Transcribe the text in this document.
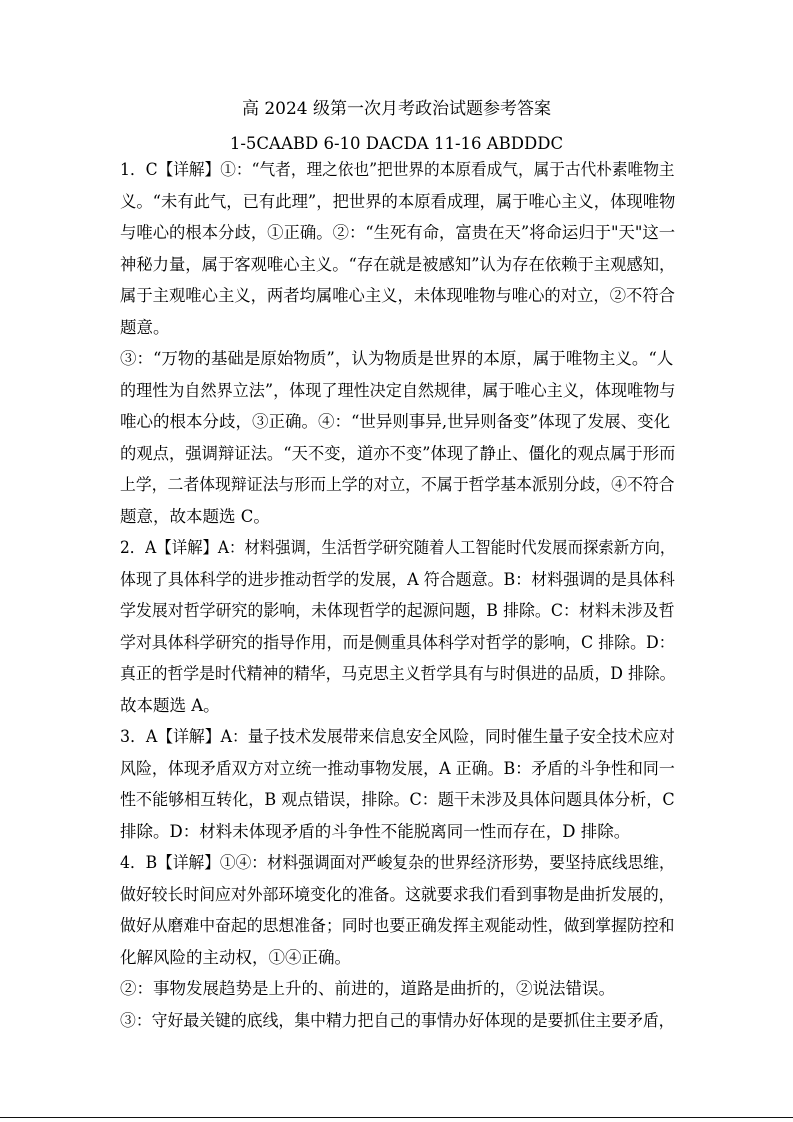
高 2024 级第一次月考政治试题参考答案
1-5CAABD 6-10 DACDA 11-16 ABDDDC
1．C【详解】①：“气者，理之依也”把世界的本原看成气，属于古代朴素唯物主
义。“未有此气，已有此理”，把世界的本原看成理，属于唯心主义，体现唯物
与唯心的根本分歧，①正确。②：“生死有命，富贵在天”将命运归于"天"这一
神秘力量，属于客观唯心主义。“存在就是被感知”认为存在依赖于主观感知，
属于主观唯心主义，两者均属唯心主义，未体现唯物与唯心的对立，②不符合
题意。
③：“万物的基础是原始物质”，认为物质是世界的本原，属于唯物主义。“人
的理性为自然界立法”，体现了理性决定自然规律，属于唯心主义，体现唯物与
唯心的根本分歧，③正确。④：“世异则事异,世异则备变”体现了发展、变化
的观点，强调辩证法。“天不变，道亦不变”体现了静止、僵化的观点属于形而
上学，二者体现辩证法与形而上学的对立，不属于哲学基本派别分歧，④不符合
题意，故本题选 C。
2．A【详解】A：材料强调，生活哲学研究随着人工智能时代发展而探索新方向，
体现了具体科学的进步推动哲学的发展，A 符合题意。B：材料强调的是具体科
学发展对哲学研究的影响，未体现哲学的起源问题，B 排除。C：材料未涉及哲
学对具体科学研究的指导作用，而是侧重具体科学对哲学的影响，C 排除。D：
真正的哲学是时代精神的精华，马克思主义哲学具有与时俱进的品质，D 排除。
故本题选 A。
3．A【详解】A：量子技术发展带来信息安全风险，同时催生量子安全技术应对
风险，体现矛盾双方对立统一推动事物发展，A 正确。B：矛盾的斗争性和同一
性不能够相互转化，B 观点错误，排除。C：题干未涉及具体问题具体分析，C
排除。D：材料未体现矛盾的斗争性不能脱离同一性而存在，D 排除。
4．B【详解】①④：材料强调面对严峻复杂的世界经济形势，要坚持底线思维，
做好较长时间应对外部环境变化的准备。这就要求我们看到事物是曲折发展的，
做好从磨难中奋起的思想准备；同时也要正确发挥主观能动性，做到掌握防控和
化解风险的主动权，①④正确。
②：事物发展趋势是上升的、前进的，道路是曲折的，②说法错误。
③：守好最关键的底线，集中精力把自己的事情办好体现的是要抓住主要矛盾，
